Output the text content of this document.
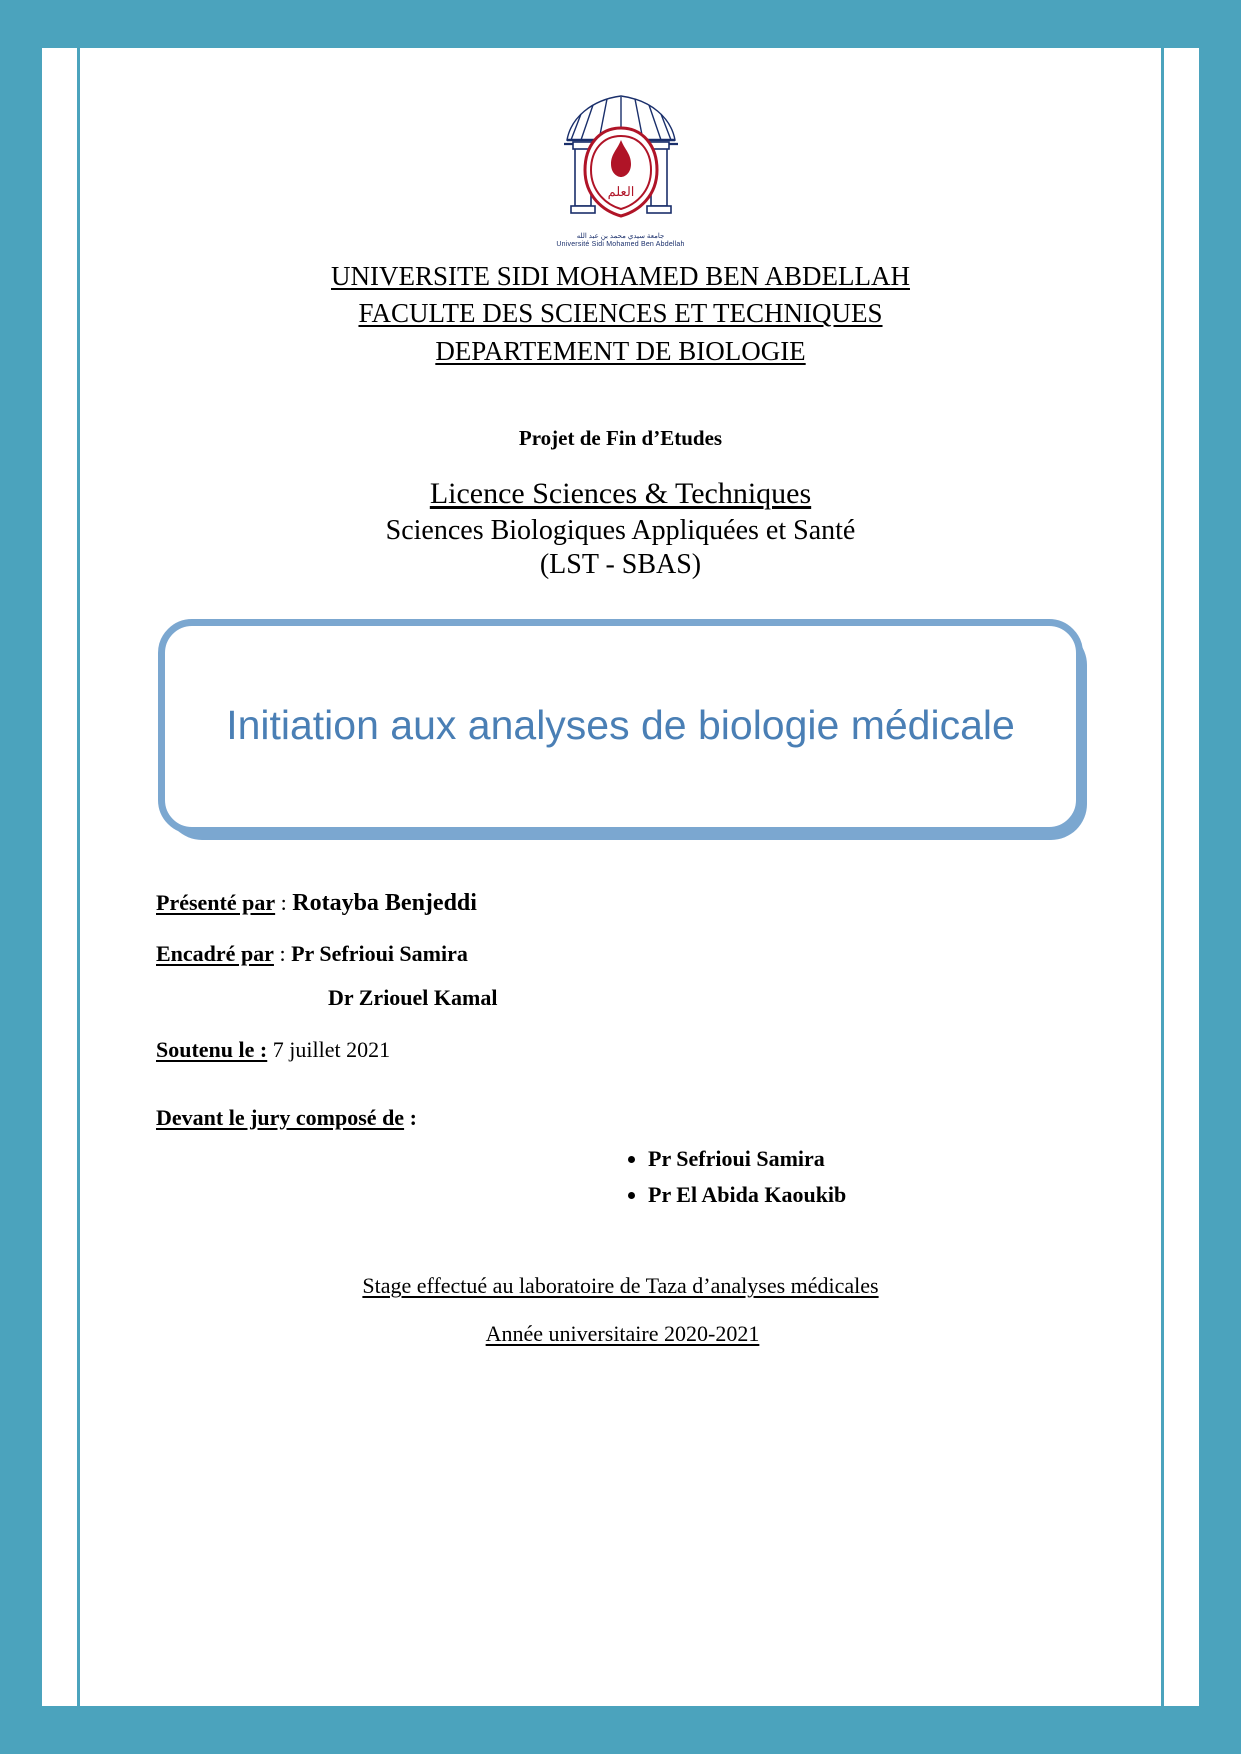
العلم
جامعة سيدي محمد بن عبد الله
Université Sidi Mohamed Ben Abdellah
UNIVERSITE SIDI MOHAMED BEN ABDELLAH
FACULTE DES SCIENCES ET TECHNIQUES
DEPARTEMENT DE BIOLOGIE
Projet de Fin d’Etudes
Licence Sciences & Techniques
Sciences Biologiques Appliquées et Santé
(LST - SBAS)
Initiation aux analyses de biologie médicale
Présenté par : Rotayba Benjeddi
Encadré par : Pr Sefrioui Samira
Dr Zriouel Kamal
Soutenu le : 7 juillet 2021
Devant le jury composé de :
• Pr Sefrioui Samira
• Pr El Abida Kaoukib
Stage effectué au laboratoire de Taza d’analyses médicales
Année universitaire 2020-2021
